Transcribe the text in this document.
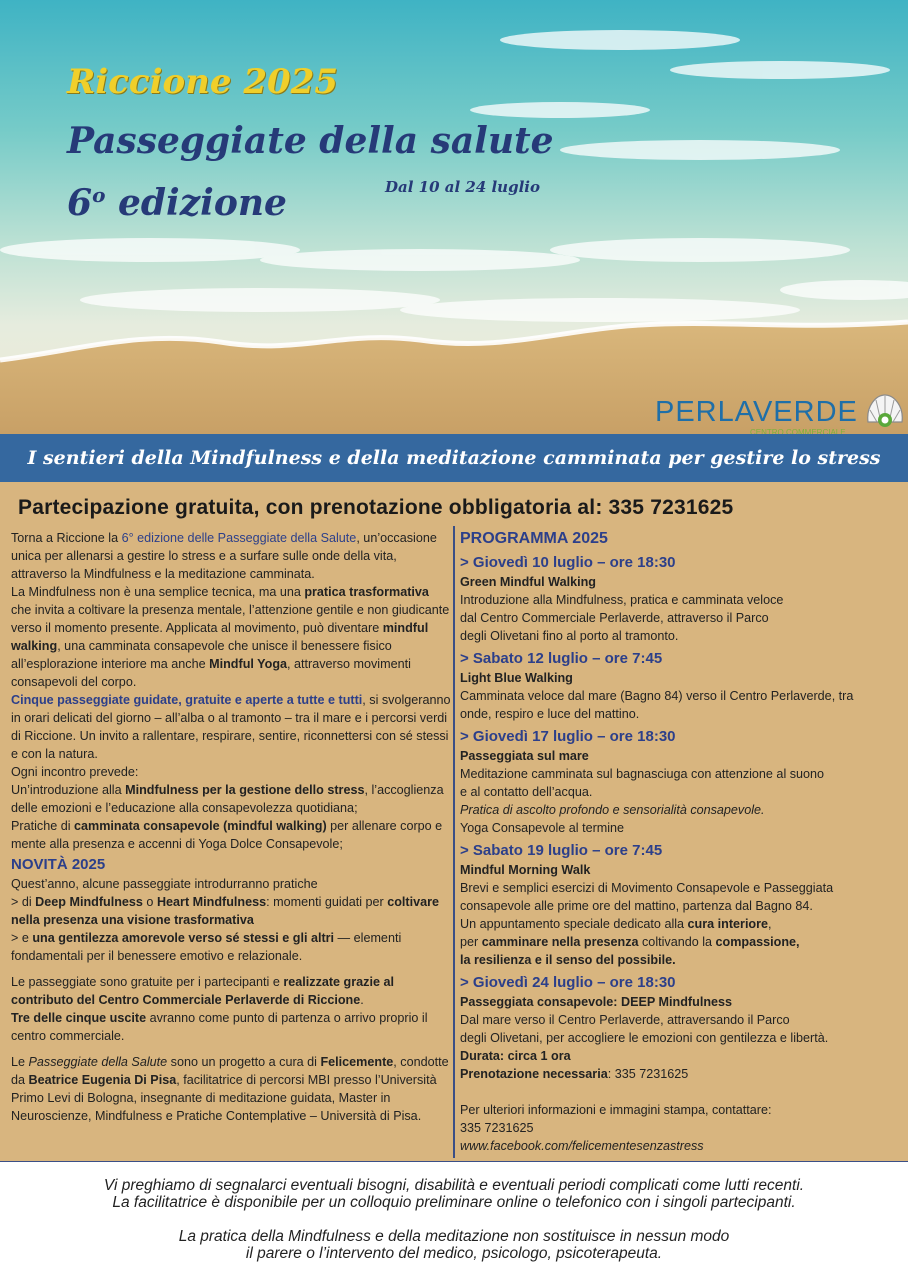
Riccione 2025
Passeggiate della salute
6$^o$ edizione	Dal 10 al 24 luglio
PERLAVERDE
CENTRO COMMERCIALE
I sentieri della Mindfulness e della meditazione camminata per gestire lo stress
Partecipazione gratuita, con prenotazione obbligatoria al: 335 7231625

Torna a Riccione la 6° edizione delle Passeggiate della Salute, un’occasione unica per allenarsi a gestire lo stress e a surfare sulle onde della vita, attraverso la Mindfulness e la meditazione camminata.

La Mindfulness non è una semplice tecnica, ma una pratica trasformativa che invita a coltivare la presenza mentale, l’attenzione gentile e non giudicante verso il momento presente. Applicata al movimento, può diventare mindful walking, una camminata consapevole che unisce il benessere fisico all’esplorazione interiore ma anche Mindful Yoga, attraverso movimenti consapevoli del corpo.

Cinque passeggiate guidate, gratuite e aperte a tutte e tutti, si svolgeranno in orari delicati del giorno – all’alba o al tramonto – tra il mare e i percorsi verdi di Riccione. Un invito a rallentare, respirare, sentire, riconnettersi con sé stessi e con la natura.

Ogni incontro prevede:

Un’introduzione alla Mindfulness per la gestione dello stress, l’accoglienza delle emozioni e l’educazione alla consapevolezza quotidiana;

Pratiche di camminata consapevole (mindful walking) per allenare corpo e mente alla presenza e accenni di Yoga Dolce Consapevole;

NOVITÀ 2025

Quest’anno, alcune passeggiate introdurranno pratiche

> di Deep Mindfulness o Heart Mindfulness: momenti guidati per coltivare nella presenza una visione trasformativa

> e una gentilezza amorevole verso sé stessi e gli altri — elementi fondamentali per il benessere emotivo e relazionale.

Le passeggiate sono gratuite per i partecipanti e realizzate grazie al contributo del Centro Commerciale Perlaverde di Riccione.
Tre delle cinque uscite avranno come punto di partenza o arrivo proprio il centro commerciale.

Le Passeggiate della Salute sono un progetto a cura di Felicemente, condotte da Beatrice Eugenia Di Pisa, facilitatrice di percorsi MBI presso l’Università Primo Levi di Bologna, insegnante di meditazione guidata, Master in Neuroscienze, Mindfulness e Pratiche Contemplative – Università di Pisa.

PROGRAMMA 2025
> Giovedì 10 luglio – ore 18:30

Green Mindful Walking

Introduzione alla Mindfulness, pratica e camminata veloce

dal Centro Commerciale Perlaverde, attraverso il Parco

degli Olivetani fino al porto al tramonto.

> Sabato 12 luglio – ore 7:45

Light Blue Walking

Camminata veloce dal mare (Bagno 84) verso il Centro Perlaverde, tra

onde, respiro e luce del mattino.

> Giovedì 17 luglio – ore 18:30

Passeggiata sul mare

Meditazione camminata sul bagnasciuga con attenzione al suono

e al contatto dell’acqua.

Pratica di ascolto profondo e sensorialità consapevole.

Yoga Consapevole al termine

> Sabato 19 luglio – ore 7:45

Mindful Morning Walk

Brevi e semplici esercizi di Movimento Consapevole e Passeggiata

consapevole alle prime ore del mattino, partenza dal Bagno 84.

Un appuntamento speciale dedicato alla cura interiore,

per camminare nella presenza coltivando la compassione,

la resilienza e il senso del possibile.

> Giovedì 24 luglio – ore 18:30

Passeggiata consapevole: DEEP Mindfulness

Dal mare verso il Centro Perlaverde, attraversando il Parco

degli Olivetani, per accogliere le emozioni con gentilezza e libertà.

Durata: circa 1 ora

Prenotazione necessaria: 335 7231625

Per ulteriori informazioni e immagini stampa, contattare:

335 7231625

www.facebook.com/felicementesenzastress

Vi preghiamo di segnalarci eventuali bisogni, disabilità e eventuali periodi complicati come lutti recenti.
La facilitatrice è disponibile per un colloquio preliminare online o telefonico con i singoli partecipanti.
La pratica della Mindfulness e della meditazione non sostituisce in nessun modo
il parere o l’intervento del medico, psicologo, psicoterapeuta.
